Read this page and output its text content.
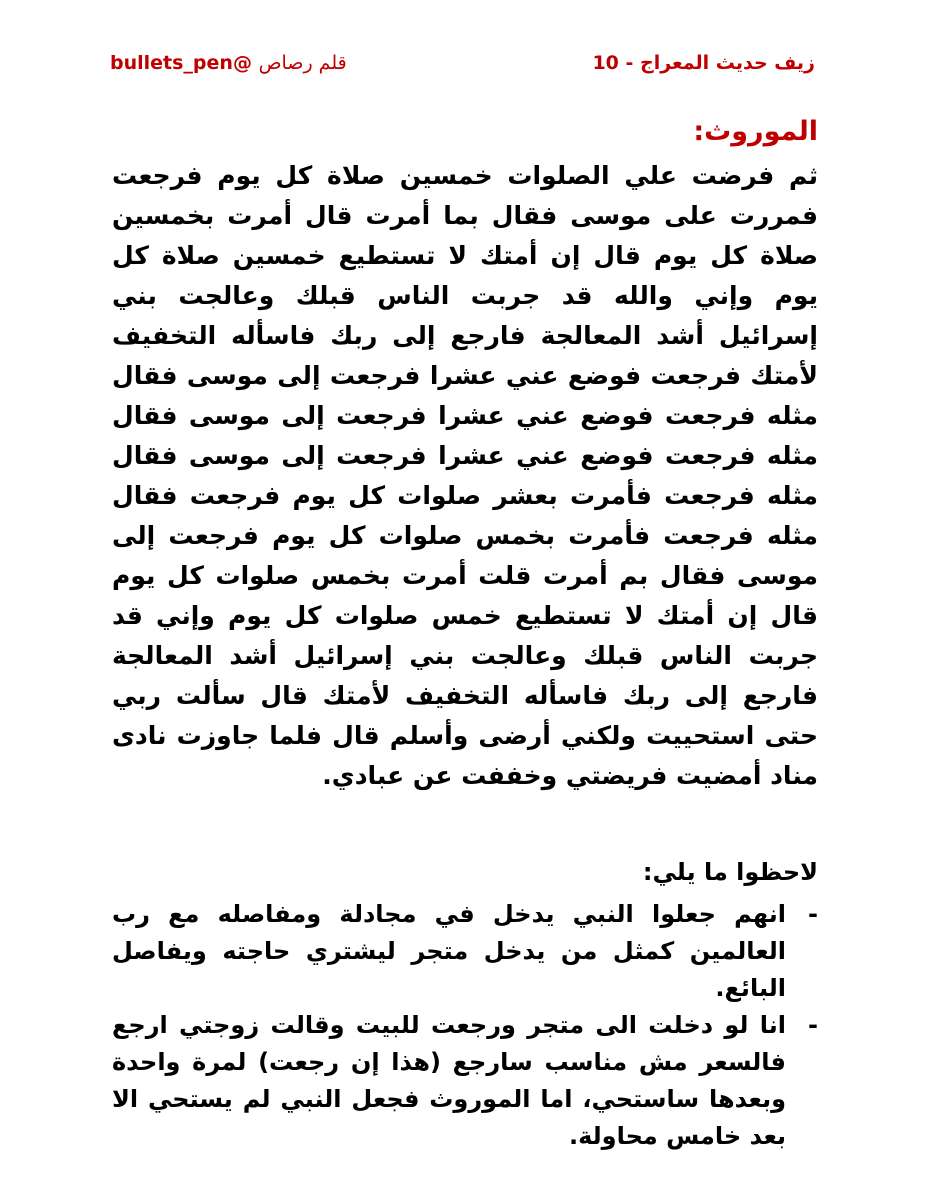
زيف حديث المعراج - 10
قلم رصاص @bullets_pen
الموروث:

ثم فرضت علي الصلوات خمسين صلاة كل يوم فرجعت فمررت على موسى فقال بما أمرت قال أمرت بخمسين صلاة كل يوم قال إن أمتك لا تستطيع خمسين صلاة كل يوم وإني والله قد جربت الناس قبلك وعالجت بني إسرائيل أشد المعالجة فارجع إلى ربك فاسأله التخفيف لأمتك فرجعت فوضع عني عشرا فرجعت إلى موسى فقال مثله فرجعت فوضع عني عشرا فرجعت إلى موسى فقال مثله فرجعت فوضع عني عشرا فرجعت إلى موسى فقال مثله فرجعت فأمرت بعشر صلوات كل يوم فرجعت فقال مثله فرجعت فأمرت بخمس صلوات كل يوم فرجعت إلى موسى فقال بم أمرت قلت أمرت بخمس صلوات كل يوم قال إن أمتك لا تستطيع خمس صلوات كل يوم وإني قد جربت الناس قبلك وعالجت بني إسرائيل أشد المعالجة فارجع إلى ربك فاسأله التخفيف لأمتك قال سألت ربي حتى استحييت ولكني أرضى وأسلم قال فلما جاوزت نادى مناد أمضيت فريضتي وخففت عن عبادي.

لاحظوا ما يلي:
-
انهم جعلوا النبي يدخل في مجادلة ومفاصله مع رب العالمين كمثل من يدخل متجر ليشتري حاجته ويفاصل البائع.
-
انا لو دخلت الى متجر ورجعت للبيت وقالت زوجتي ارجع فالسعر مش مناسب سارجع (هذا إن رجعت) لمرة واحدة وبعدها ساستحي، اما الموروث فجعل النبي لم يستحي الا بعد خامس محاولة.
